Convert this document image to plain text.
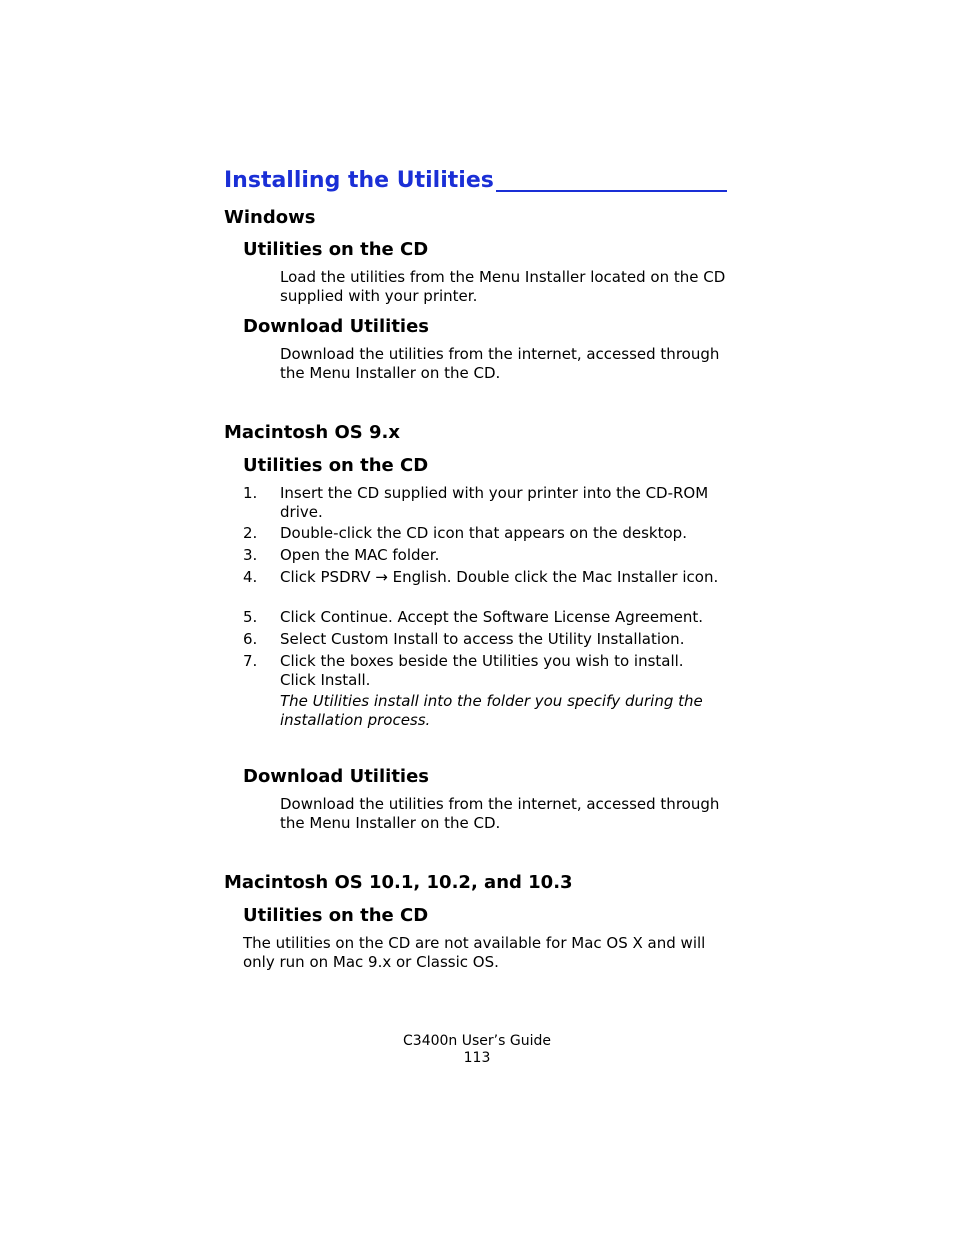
Installing the Utilities
Windows
Utilities on the CD
Load the utilities from the Menu Installer located on the CD supplied with your printer.
Download Utilities
Download the utilities from the internet, accessed through the Menu Installer on the CD.
Macintosh OS 9.x
Utilities on the CD
1.	Insert the CD supplied with your printer into the CD-ROM drive.
2.	Double-click the CD icon that appears on the desktop.
3.	Open the MAC folder.
4.	Click PSDRV → English. Double click the Mac Installer icon.
5.	Click Continue. Accept the Software License Agreement.
6.	Select Custom Install to access the Utility Installation.
7.	Click the boxes beside the Utilities you wish to install. Click Install.
The Utilities install into the folder you specify during the installation process.
Download Utilities
Download the utilities from the internet, accessed through the Menu Installer on the CD.
Macintosh OS 10.1, 10.2, and 10.3
Utilities on the CD
The utilities on the CD are not available for Mac OS X and will only run on Mac 9.x or Classic OS.
C3400n User’s Guide
113
